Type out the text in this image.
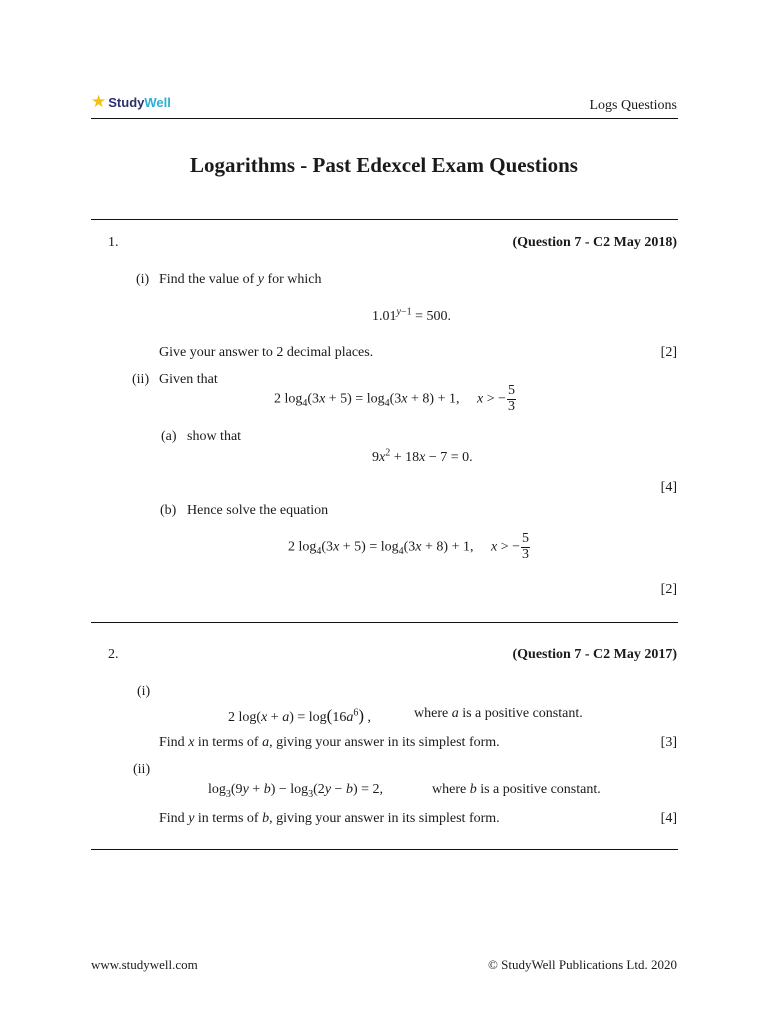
★ StudyWell	Logs Questions
Logarithms - Past Edexcel Exam Questions
1.	(Question 7 - C2 May 2018)
(i) Find the value of y for which
$1.01^{y-1} = 500$.
Give your answer to 2 decimal places.	[2]
(ii) Given that
2 $\log_4(3x + 5) = \log_4(3x + 8) + 1$,     x > − $\frac{5}{3}$
(a) show that
$9x^2 + 18x - 7 = 0$.
[4]
(b) Hence solve the equation
2 $\log_4(3x + 5) = \log_4(3x + 8) + 1$,     x > − $\frac{5}{3}$
[2]
2.	(Question 7 - C2 May 2017)
(i)
2 $\log(x + a) = \log(16a^6)$ ,	where a is a positive constant.
Find x in terms of a, giving your answer in its simplest form.	[3]
(ii)
$\log_3(9y + b) - \log_3(2y - b) = 2$,	where b is a positive constant.
Find y in terms of b, giving your answer in its simplest form.	[4]
www.studywell.com	© StudyWell Publications Ltd. 2020
